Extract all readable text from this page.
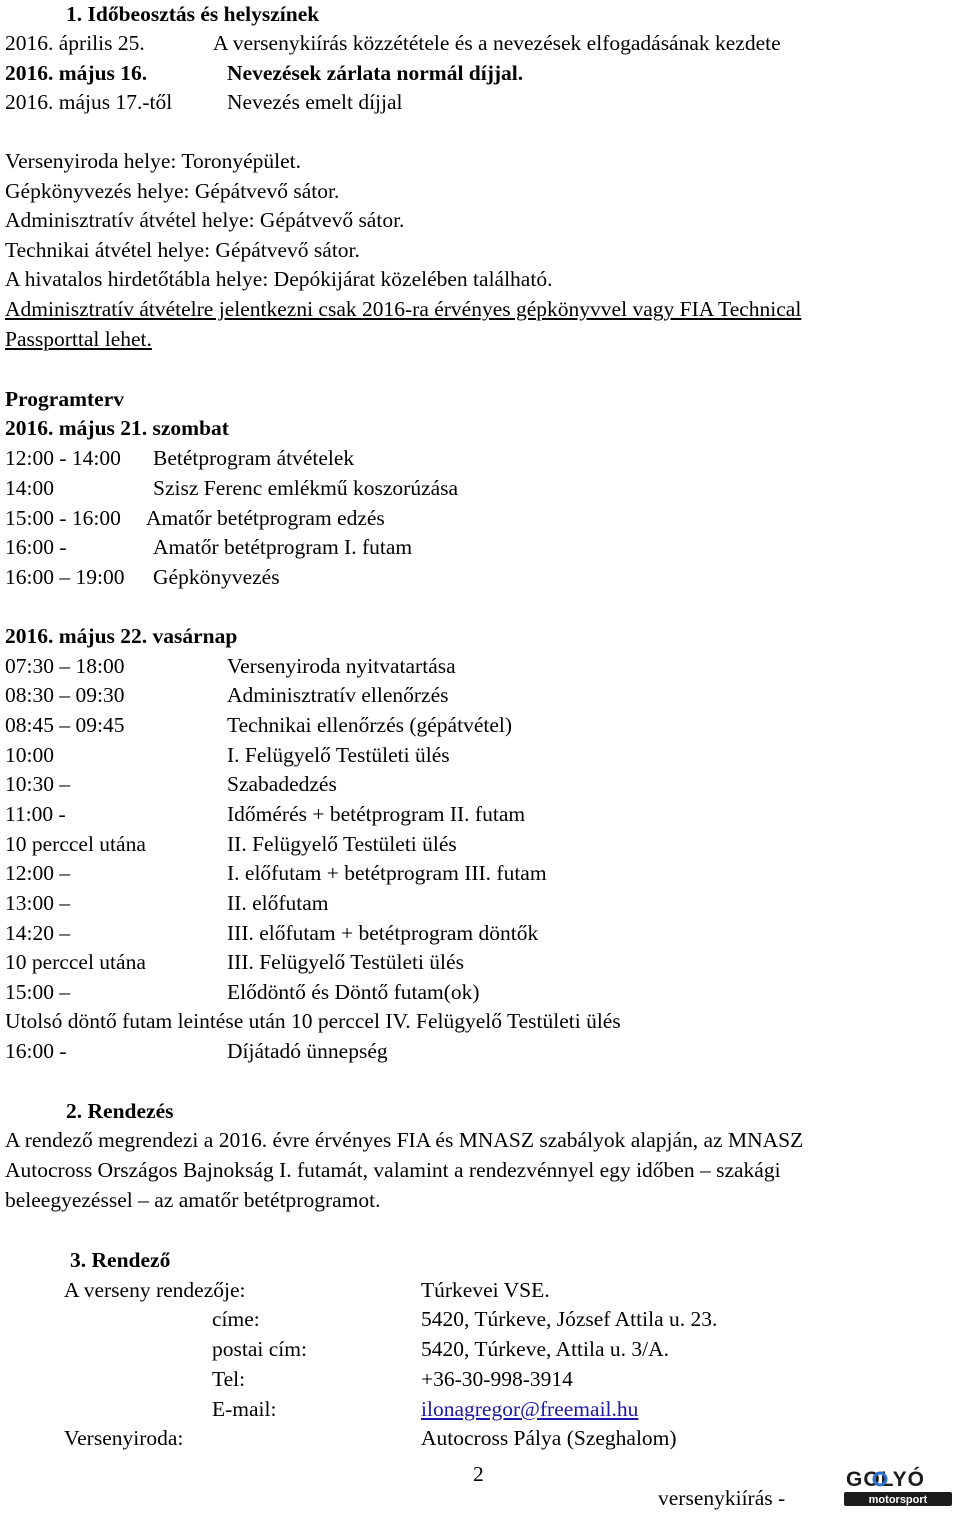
1. Időbeosztás és helyszínek
2016. április 25.	A versenykiírás közzététele és a nevezések elfogadásának kezdete
2016. május 16.	Nevezések zárlata normál díjjal.
2016. május 17.-től	Nevezés emelt díjjal
Versenyiroda helye: Toronyépület.
Gépkönyvezés helye: Gépátvevő sátor.
Adminisztratív átvétel helye: Gépátvevő sátor.
Technikai átvétel helye: Gépátvevő sátor.
A hivatalos hirdetőtábla helye: Depókijárat közelében található.
Adminisztratív átvételre jelentkezni csak 2016-ra érvényes gépkönyvvel vagy FIA Technical
Passporttal lehet.
Programterv
2016. május 21. szombat
12:00 - 14:00 Betétprogram átvételek
14:00	Szisz Ferenc emlékmű koszorúzása
15:00 - 16:00 Amatőr betétprogram edzés
16:00 -	Amatőr betétprogram I. futam
16:00 – 19:00 Gépkönyvezés
2016. május 22. vasárnap
07:30 – 18:00	Versenyiroda nyitvatartása
08:30 – 09:30	Adminisztratív ellenőrzés
08:45 – 09:45	Technikai ellenőrzés (gépátvétel)
10:00	I. Felügyelő Testületi ülés
10:30 –	Szabadedzés
11:00 -	Időmérés + betétprogram II. futam
10 perccel utána	II. Felügyelő Testületi ülés
12:00 –	I. előfutam + betétprogram III. futam
13:00 –	II. előfutam
14:20 –	III. előfutam + betétprogram döntők
10 perccel utána	III. Felügyelő Testületi ülés
15:00 –	Elődöntő és Döntő futam(ok)
Utolsó döntő futam leintése után 10 perccel IV. Felügyelő Testületi ülés
16:00 -	Díjátadó ünnepség
2. Rendezés
A rendező megrendezi a 2016. évre érvényes FIA és MNASZ szabályok alapján, az MNASZ
Autocross Országos Bajnokság I. futamát, valamint a rendezvénnyel egy időben – szakági
beleegyezéssel – az amatőr betétprogramot.
3. Rendező
A verseny rendezője:	Túrkevei VSE.
címe:	5420, Túrkeve, József Attila u. 23.
postai cím:	5420, Túrkeve, Attila u. 3/A.
Tel:	+36-30-998-3914
E-mail:	ilonagregor@freemail.hu
Versenyiroda:	Autocross Pálya (Szeghalom)
2
versenykiírás -
GOLYÓ
motorsport
